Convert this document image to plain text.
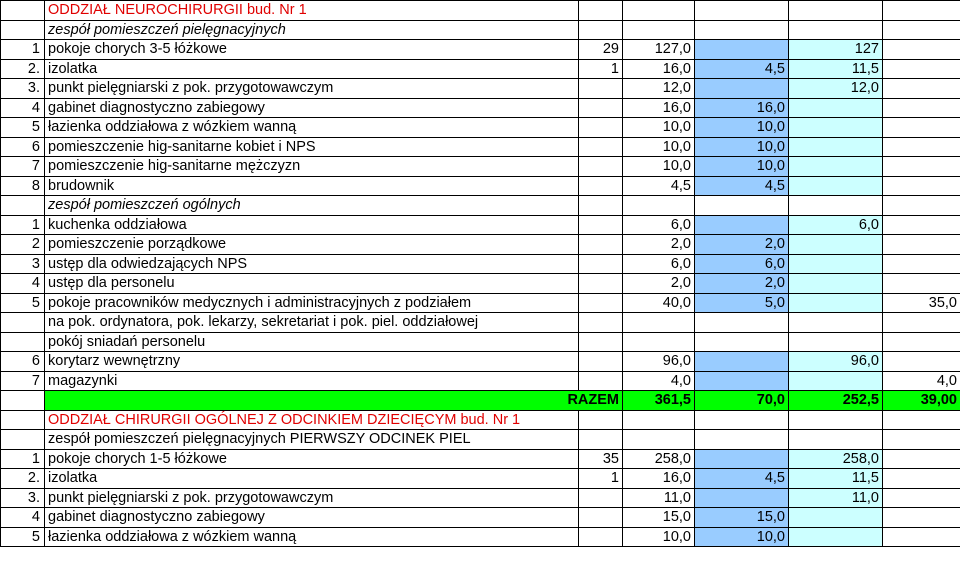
	ODDZIAŁ NEUROCHIRURGII bud. Nr 1					
	zespół pomieszczeń pielęgnacyjnych					
1	pokoje chorych 3-5 łóżkowe	29	127,0		127	
2.	izolatka	1	16,0	4,5	11,5	
3.	punkt pielęgniarski z pok. przygotowawczym		12,0		12,0	
4	gabinet diagnostyczno zabiegowy		16,0	16,0		
5	łazienka oddziałowa z wózkiem wanną		10,0	10,0		
6	pomieszczenie hig-sanitarne kobiet i NPS		10,0	10,0		
7	pomieszczenie hig-sanitarne mężczyzn		10,0	10,0		
8	brudownik		4,5	4,5		
	zespół pomieszczeń ogólnych					
1	kuchenka oddziałowa		6,0		6,0	
2	pomieszczenie porządkowe		2,0	2,0		
3	ustęp dla odwiedzających NPS		6,0	6,0		
4	ustęp dla personelu		2,0	2,0		
5	pokoje pracowników medycznych i administracyjnych z podziałem		40,0	5,0		35,0
	na pok. ordynatora, pok. lekarzy, sekretariat i pok. piel. oddziałowej					
	pokój sniadań personelu					
6	korytarz wewnętrzny		96,0		96,0	
7	magazynki		4,0			4,0
	RAZEM		361,5	70,0	252,5	39,00
	ODDZIAŁ CHIRURGII OGÓLNEJ Z ODCINKIEM DZIECIĘCYM bud. Nr 1					
	zespół pomieszczeń pielęgnacyjnych PIERWSZY ODCINEK PIEL					
1	pokoje chorych 1-5 łóżkowe	35	258,0		258,0	
2.	izolatka	1	16,0	4,5	11,5	
3.	punkt pielęgniarski z pok. przygotowawczym		11,0		11,0	
4	gabinet diagnostyczno zabiegowy		15,0	15,0		
5	łazienka oddziałowa z wózkiem wanną		10,0	10,0		
